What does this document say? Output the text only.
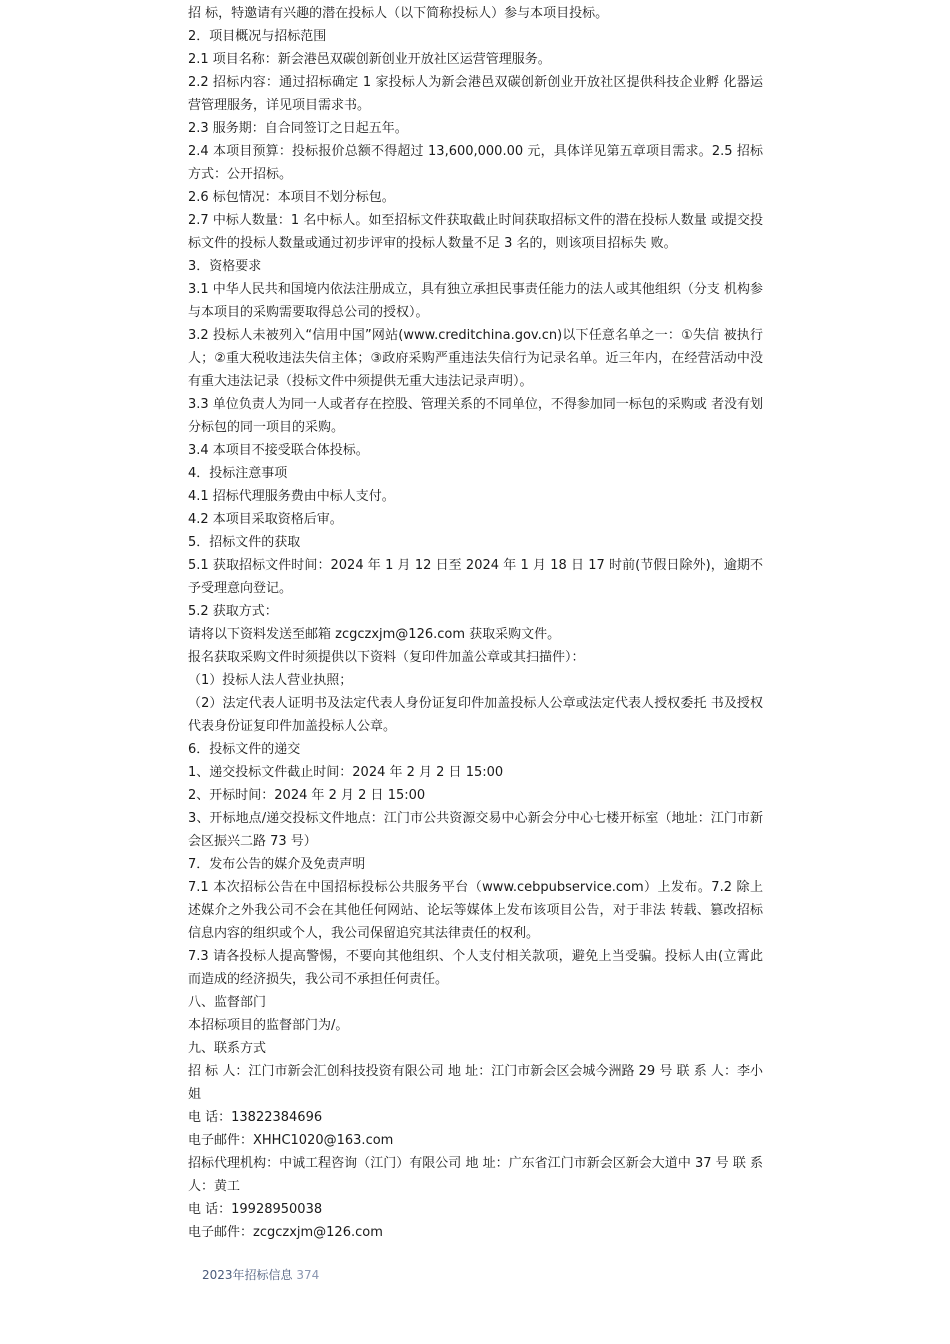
招 标，特邀请有兴趣的潜在投标人（以下简称投标人）参与本项目投标。

2．项目概况与招标范围

2.1 项目名称：新会港邑双碳创新创业开放社区运营管理服务。

2.2 招标内容：通过招标确定 1 家投标人为新会港邑双碳创新创业开放社区提供科技企业孵 化器运营管理服务，详见项目需求书。

2.3 服务期：自合同签订之日起五年。

2.4 本项目预算：投标报价总额不得超过 13,600,000.00 元，具体详见第五章项目需求。2.5 招标方式：公开招标。

2.6 标包情况：本项目不划分标包。

2.7 中标人数量：1 名中标人。如至招标文件获取截止时间获取招标文件的潜在投标人数量 或提交投标文件的投标人数量或通过初步评审的投标人数量不足 3 名的，则该项目招标失 败。

3．资格要求

3.1 中华人民共和国境内依法注册成立，具有独立承担民事责任能力的法人或其他组织（分支 机构参与本项目的采购需要取得总公司的授权）。

3.2 投标人未被列入“信用中国”网站(www.creditchina.gov.cn)以下任意名单之一：①失信 被执行人；②重大税收违法失信主体；③政府采购严重违法失信行为记录名单。近三年内，在经营活动中没有重大违法记录（投标文件中须提供无重大违法记录声明）。

3.3 单位负责人为同一人或者存在控股、管理关系的不同单位，不得参加同一标包的采购或 者没有划分标包的同一项目的采购。

3.4 本项目不接受联合体投标。

4．投标注意事项

4.1 招标代理服务费由中标人支付。

4.2 本项目采取资格后审。

5．招标文件的获取

5.1 获取招标文件时间：2024 年 1 月 12 日至 2024 年 1 月 18 日 17 时前(节假日除外)，逾期不予受理意向登记。

5.2 获取方式：

请将以下资料发送至邮箱 zcgczxjm@126.com 获取采购文件。

报名获取采购文件时须提供以下资料（复印件加盖公章或其扫描件）：

（1）投标人法人营业执照；

（2）法定代表人证明书及法定代表人身份证复印件加盖投标人公章或法定代表人授权委托 书及授权代表身份证复印件加盖投标人公章。

6．投标文件的递交

1、递交投标文件截止时间：2024 年 2 月 2 日 15:00

2、开标时间：2024 年 2 月 2 日 15:00

3、开标地点/递交投标文件地点：江门市公共资源交易中心新会分中心七楼开标室（地址：江门市新会区振兴二路 73 号）

7．发布公告的媒介及免责声明

7.1 本次招标公告在中国招标投标公共服务平台（www.cebpubservice.com）上发布。7.2 除上述媒介之外我公司不会在其他任何网站、论坛等媒体上发布该项目公告，对于非法 转载、篡改招标信息内容的组织或个人，我公司保留追究其法律责任的权利。

7.3 请各投标人提高警惕，不要向其他组织、个人支付相关款项，避免上当受骗。投标人由(立霄此而造成的经济损失，我公司不承担任何责任。

八、监督部门

本招标项目的监督部门为/。

九、联系方式

招 标 人：江门市新会汇创科技投资有限公司 地 址：江门市新会区会城今洲路 29 号 联 系 人：李小姐

电 话：13822384696

电子邮件：XHHC1020@163.com

招标代理机构：中诚工程咨询（江门）有限公司 地 址：广东省江门市新会区新会大道中 37 号 联 系 人：黄工

电 话：19928950038

电子邮件：zcgczxjm@126.com

2023年招标信息 374
